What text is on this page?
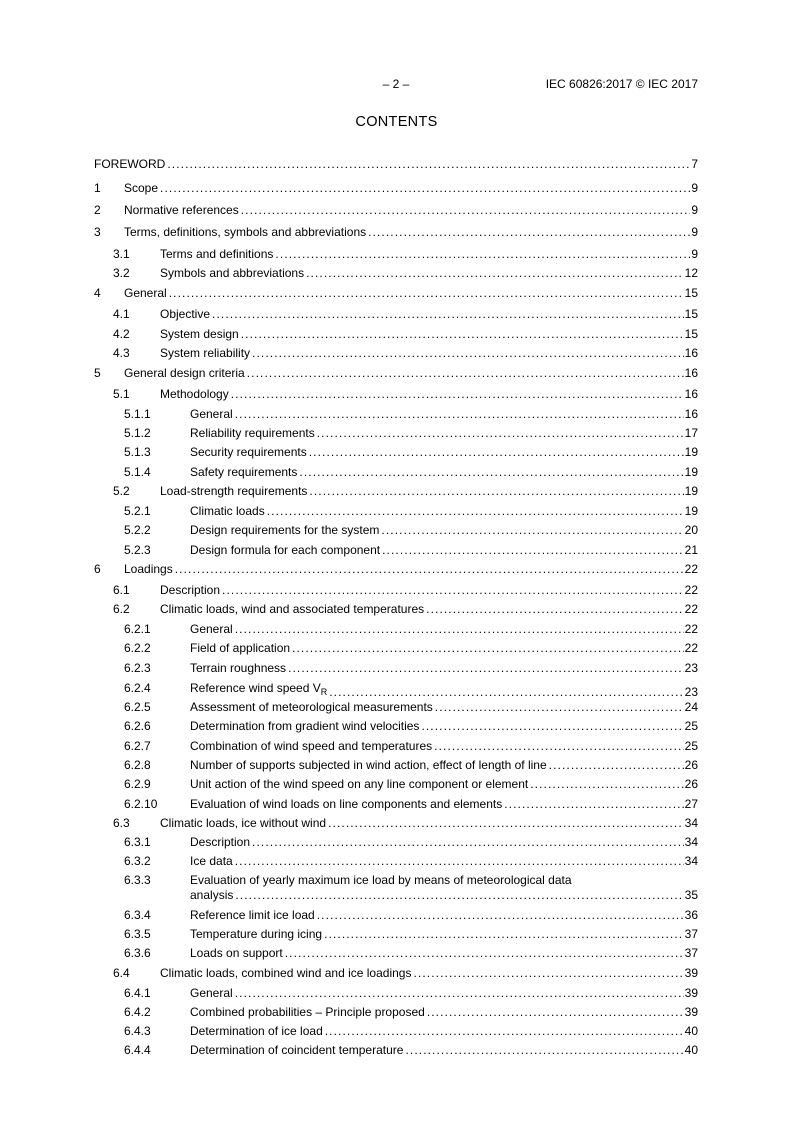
– 2 –	IEC 60826:2017 © IEC 2017
CONTENTS
FOREWORD .....	7
1 Scope .....	9
2 Normative references .....	9
3 Terms, definitions, symbols and abbreviations .....	9
3.1	Terms and definitions .....	9
3.2	Symbols and abbreviations .....	12
4 General .....	15
4.1	Objective .....	15
4.2	System design .....	15
4.3	System reliability .....	16
5 General design criteria .....	16
5.1	Methodology .....	16
5.1.1	General .....	16
5.1.2	Reliability requirements .....	17
5.1.3	Security requirements .....	19
5.1.4	Safety requirements .....	19
5.2	Load-strength requirements .....	19
5.2.1	Climatic loads .....	19
5.2.2	Design requirements for the system .....	20
5.2.3	Design formula for each component .....	21
6 Loadings .....	22
6.1	Description .....	22
6.2	Climatic loads, wind and associated temperatures .....	22
6.2.1	General .....	22
6.2.2	Field of application .....	22
6.2.3	Terrain roughness .....	23
6.2.4	Reference wind speed $V_R$ .....	23
6.2.5	Assessment of meteorological measurements .....	24
6.2.6	Determination from gradient wind velocities .....	25
6.2.7	Combination of wind speed and temperatures .....	25
6.2.8	Number of supports subjected in wind action, effect of length of line .....	26
6.2.9	Unit action of the wind speed on any line component or element .....	26
6.2.10	Evaluation of wind loads on line components and elements .....	27
6.3	Climatic loads, ice without wind .....	34
6.3.1	Description .....	34
6.3.2	Ice data .....	34
6.3.3	Evaluation of yearly maximum ice load by means of meteorological data
analysis .....	35
6.3.4	Reference limit ice load .....	36
6.3.5	Temperature during icing .....	37
6.3.6	Loads on support .....	37
6.4	Climatic loads, combined wind and ice loadings .....	39
6.4.1	General .....	39
6.4.2	Combined probabilities – Principle proposed .....	39
6.4.3	Determination of ice load .....	40
6.4.4	Determination of coincident temperature .....	40
